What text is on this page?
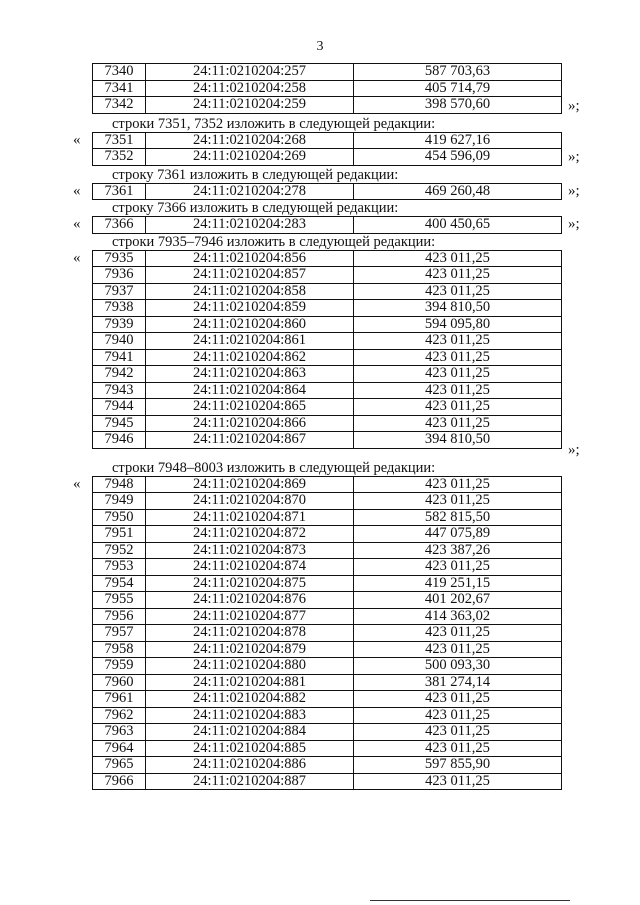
3
7340	24:11:0210204:257	587 703,63
7341	24:11:0210204:258	405 714,79
7342	24:11:0210204:259	398 570,60	»;
строки 7351, 7352 изложить в следующей редакции:
« 7351	24:11:0210204:268	419 627,16
7352	24:11:0210204:269	454 596,09	»;
строку 7361 изложить в следующей редакции:
« 7361	24:11:0210204:278	469 260,48	»;
строку 7366 изложить в следующей редакции:
« 7366	24:11:0210204:283	400 450,65	»;
строки 7935–7946 изложить в следующей редакции:
« 7935	24:11:0210204:856	423 011,25
7936	24:11:0210204:857	423 011,25
7937	24:11:0210204:858	423 011,25
7938	24:11:0210204:859	394 810,50
7939	24:11:0210204:860	594 095,80
7940	24:11:0210204:861	423 011,25
7941	24:11:0210204:862	423 011,25
7942	24:11:0210204:863	423 011,25
7943	24:11:0210204:864	423 011,25
7944	24:11:0210204:865	423 011,25
7945	24:11:0210204:866	423 011,25
7946	24:11:0210204:867	394 810,50
»;
строки 7948–8003 изложить в следующей редакции:
« 7948	24:11:0210204:869	423 011,25
7949	24:11:0210204:870	423 011,25
7950	24:11:0210204:871	582 815,50
7951	24:11:0210204:872	447 075,89
7952	24:11:0210204:873	423 387,26
7953	24:11:0210204:874	423 011,25
7954	24:11:0210204:875	419 251,15
7955	24:11:0210204:876	401 202,67
7956	24:11:0210204:877	414 363,02
7957	24:11:0210204:878	423 011,25
7958	24:11:0210204:879	423 011,25
7959	24:11:0210204:880	500 093,30
7960	24:11:0210204:881	381 274,14
7961	24:11:0210204:882	423 011,25
7962	24:11:0210204:883	423 011,25
7963	24:11:0210204:884	423 011,25
7964	24:11:0210204:885	423 011,25
7965	24:11:0210204:886	597 855,90
7966	24:11:0210204:887	423 011,25
